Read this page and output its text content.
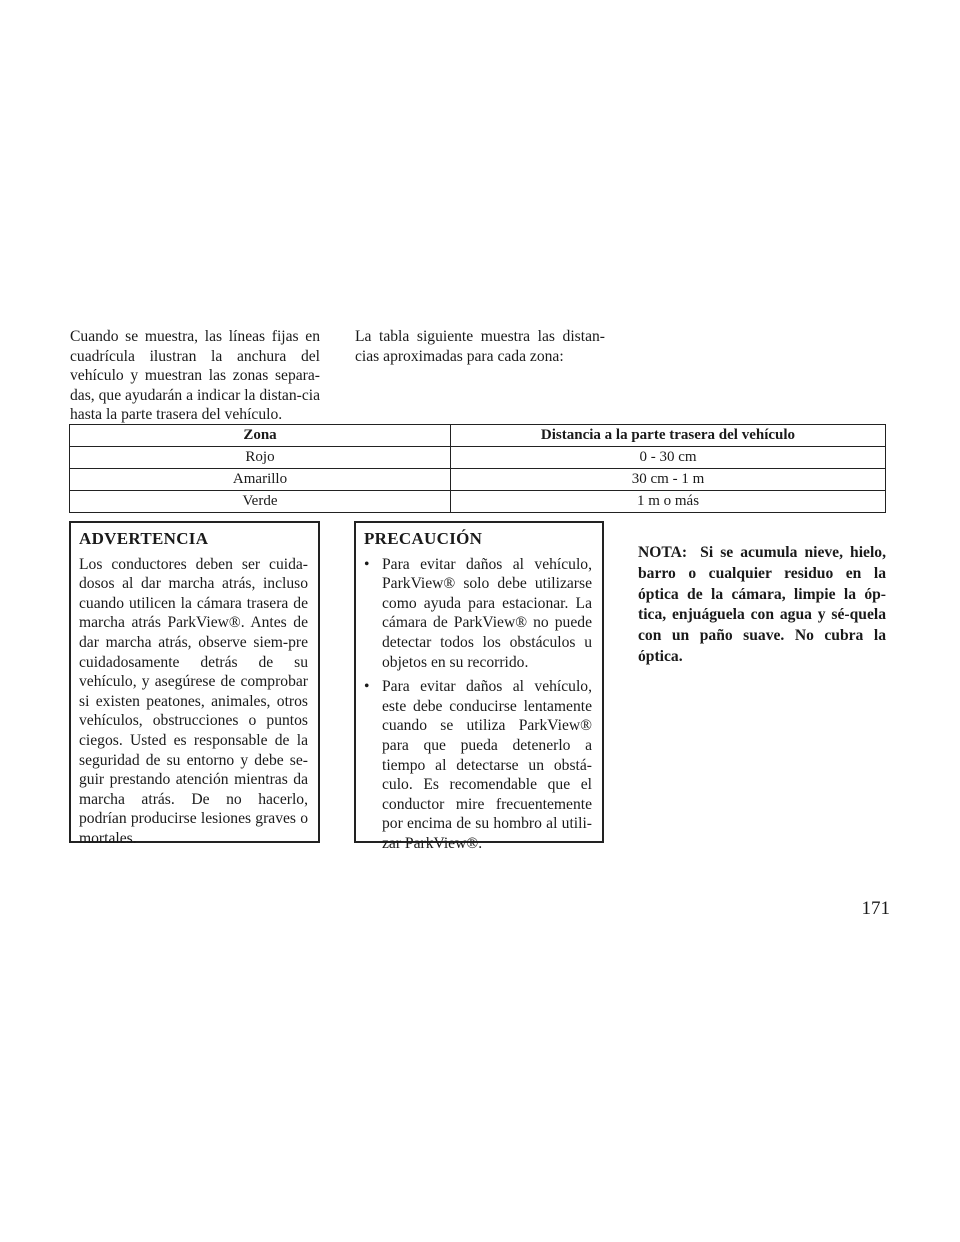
Cuando se muestra, las líneas fijas en cuadrícula ilustran la anchura del vehículo y muestran las zonas separa-das, que ayudarán a indicar la distan-cia hasta la parte trasera del vehículo.
La tabla siguiente muestra las distan-cias aproximadas para cada zona:
Zona	Distancia a la parte trasera del vehículo
Rojo	0 - 30 cm
Amarillo	30 cm - 1 m
Verde	1 m o más
ADVERTENCIA

Los conductores deben ser cuida-dosos al dar marcha atrás, incluso cuando utilicen la cámara trasera de marcha atrás ParkView®. Antes de dar marcha atrás, observe siem-pre cuidadosamente detrás de su vehículo, y asegúrese de comprobar si existen peatones, animales, otros vehículos, obstrucciones o puntos ciegos. Usted es responsable de la seguridad de su entorno y debe se-guir prestando atención mientras da marcha atrás. De no hacerlo, podrían producirse lesiones graves o mortales.

PRECAUCIÓN
• Para evitar daños al vehículo, ParkView® solo debe utilizarse como ayuda para estacionar. La cámara de ParkView® no puede detectar todos los obstáculos u objetos en su recorrido.
• Para evitar daños al vehículo, este debe conducirse lentamente cuando se utiliza ParkView® para que pueda detenerlo a tiempo al detectarse un obstá-culo. Es recomendable que el conductor mire frecuentemente por encima de su hombro al utili-zar ParkView®.
NOTA: Si se acumula nieve, hielo, barro o cualquier residuo en la óptica de la cámara, limpie la óp-tica, enjuáguela con agua y sé-quela con un paño suave. No cubra la óptica.
171
